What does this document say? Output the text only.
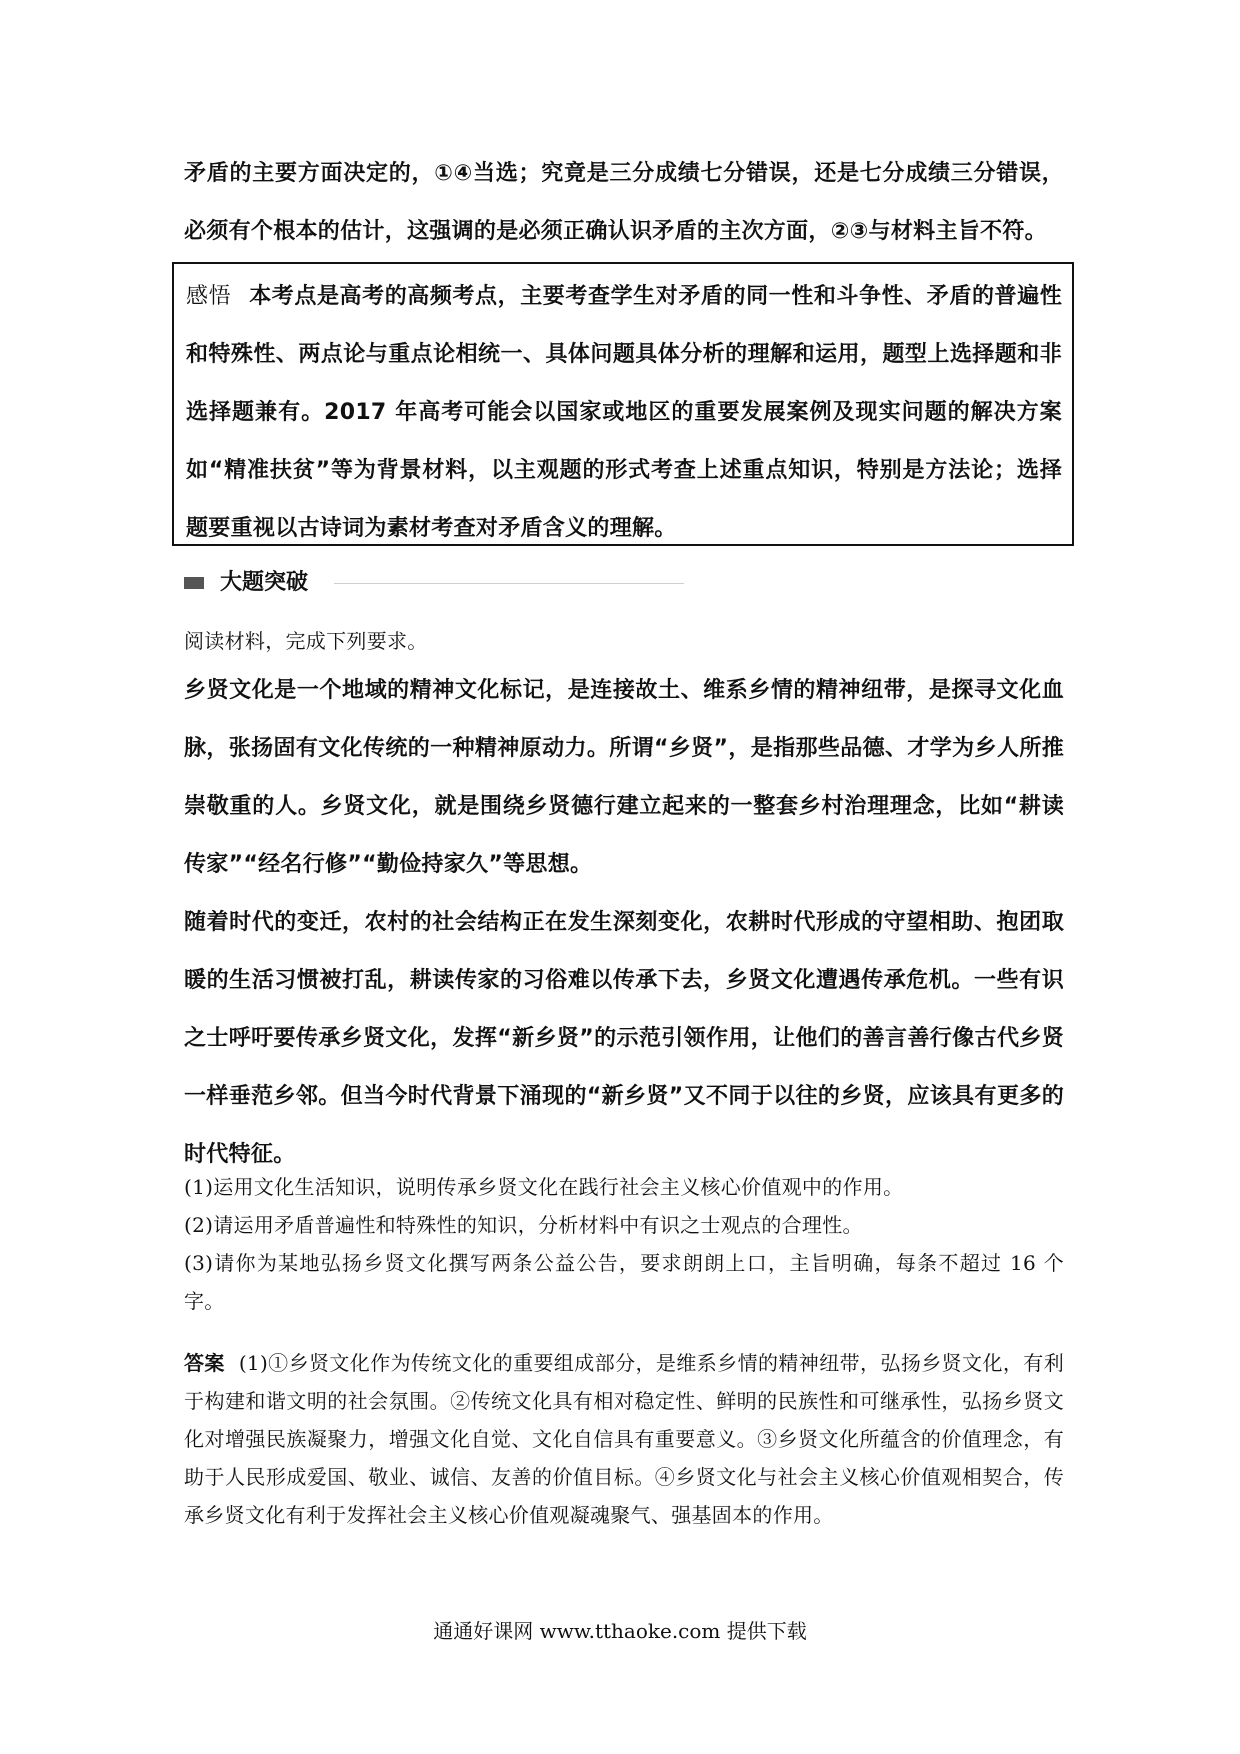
矛盾的主要方面决定的，①④当选；究竟是三分成绩七分错误，还是七分成绩三分错误，必须有个根本的估计，这强调的是必须正确认识矛盾的主次方面，②③与材料主旨不符。

感悟 本考点是高考的高频考点，主要考查学生对矛盾的同一性和斗争性、矛盾的普遍性和特殊性、两点论与重点论相统一、具体问题具体分析的理解和运用，题型上选择题和非选择题兼有。2017 年高考可能会以国家或地区的重要发展案例及现实问题的解决方案如“精准扶贫”等为背景材料，以主观题的形式考查上述重点知识，特别是方法论；选择题要重视以古诗词为素材考查对矛盾含义的理解。

大题突破

阅读材料，完成下列要求。

乡贤文化是一个地域的精神文化标记，是连接故土、维系乡情的精神纽带，是探寻文化血脉，张扬固有文化传统的一种精神原动力。所谓“乡贤”，是指那些品德、才学为乡人所推崇敬重的人。乡贤文化，就是围绕乡贤德行建立起来的一整套乡村治理理念，比如“耕读传家”“经名行修”“勤俭持家久”等思想。

随着时代的变迁，农村的社会结构正在发生深刻变化，农耕时代形成的守望相助、抱团取暖的生活习惯被打乱，耕读传家的习俗难以传承下去，乡贤文化遭遇传承危机。一些有识之士呼吁要传承乡贤文化，发挥“新乡贤”的示范引领作用，让他们的善言善行像古代乡贤一样垂范乡邻。但当今时代背景下涌现的“新乡贤”又不同于以往的乡贤，应该具有更多的时代特征。

(1)运用文化生活知识，说明传承乡贤文化在践行社会主义核心价值观中的作用。

(2)请运用矛盾普遍性和特殊性的知识，分析材料中有识之士观点的合理性。

(3)请你为某地弘扬乡贤文化撰写两条公益公告，要求朗朗上口，主旨明确，每条不超过 16 个字。

答案 (1)①乡贤文化作为传统文化的重要组成部分，是维系乡情的精神纽带，弘扬乡贤文化，有利于构建和谐文明的社会氛围。②传统文化具有相对稳定性、鲜明的民族性和可继承性，弘扬乡贤文化对增强民族凝聚力，增强文化自觉、文化自信具有重要意义。③乡贤文化所蕴含的价值理念，有助于人民形成爱国、敬业、诚信、友善的价值目标。④乡贤文化与社会主义核心价值观相契合，传承乡贤文化有利于发挥社会主义核心价值观凝魂聚气、强基固本的作用。

通通好课网 www.tthaoke.com 提供下载
